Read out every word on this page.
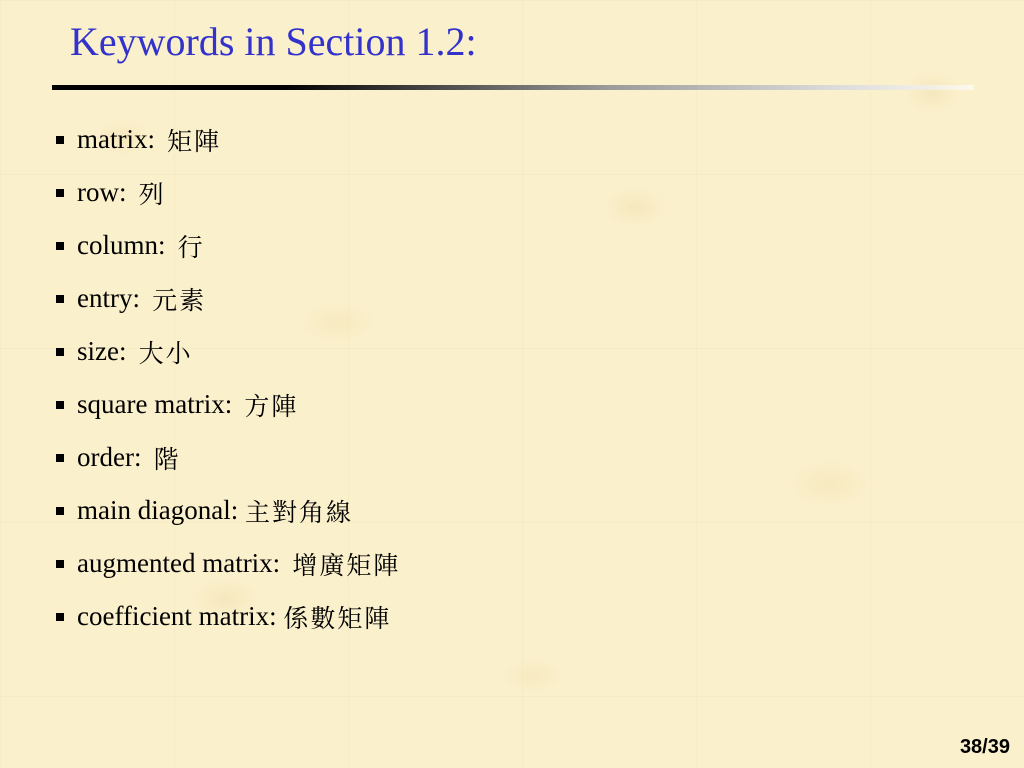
Keywords in Section 1.2:
matrix: 矩陣
row: 列
column: 行
entry: 元素
size: 大小
square matrix: 方陣
order: 階
main diagonal: 主對角線
augmented matrix: 增廣矩陣
coefficient matrix: 係數矩陣
38/39
